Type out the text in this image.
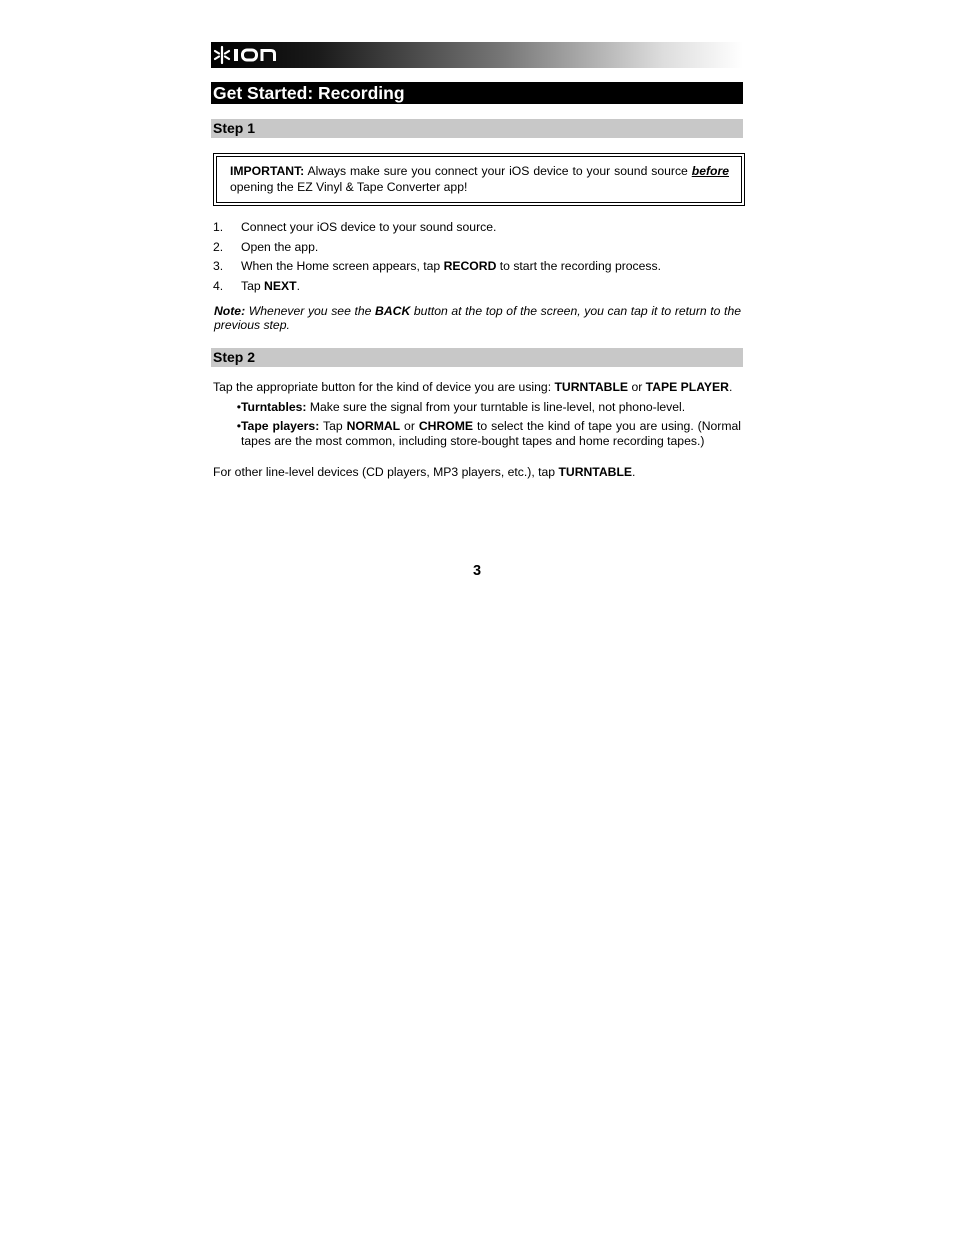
Get Started: Recording
Step 1
IMPORTANT: Always make sure you connect your iOS device to your sound source before opening the EZ Vinyl & Tape Converter app!
1.	Connect your iOS device to your sound source.
2.	Open the app.
3.	When the Home screen appears, tap RECORD to start the recording process.
4.	Tap NEXT.
Note: Whenever you see the BACK button at the top of the screen, you can tap it to return to the previous step.
Step 2
Tap the appropriate button for the kind of device you are using: TURNTABLE or TAPE PLAYER.
• Turntables: Make sure the signal from your turntable is line-level, not phono-level.
• Tape players: Tap NORMAL or CHROME to select the kind of tape you are using. (Normal tapes are the most common, including store-bought tapes and home recording tapes.)
For other line-level devices (CD players, MP3 players, etc.), tap TURNTABLE.
3
